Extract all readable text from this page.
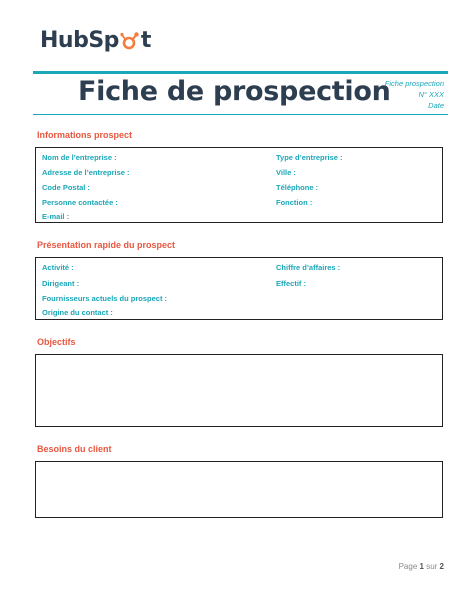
HubSp t
Fiche de prospection
Fiche prospection
N° XXX
Date
Informations prospect
Nom de l’entreprise :
Adresse de l’entreprise :
Code Postal :
Personne contactée :
E-mail :
Type d’entreprise :
Ville :
Téléphone :
Fonction :
Présentation rapide du prospect
Activité :
Dirigeant :
Fournisseurs actuels du prospect :
Origine du contact :
Chiffre d’affaires :
Effectif :
Objectifs
Besoins du client
Page 1 sur 2
